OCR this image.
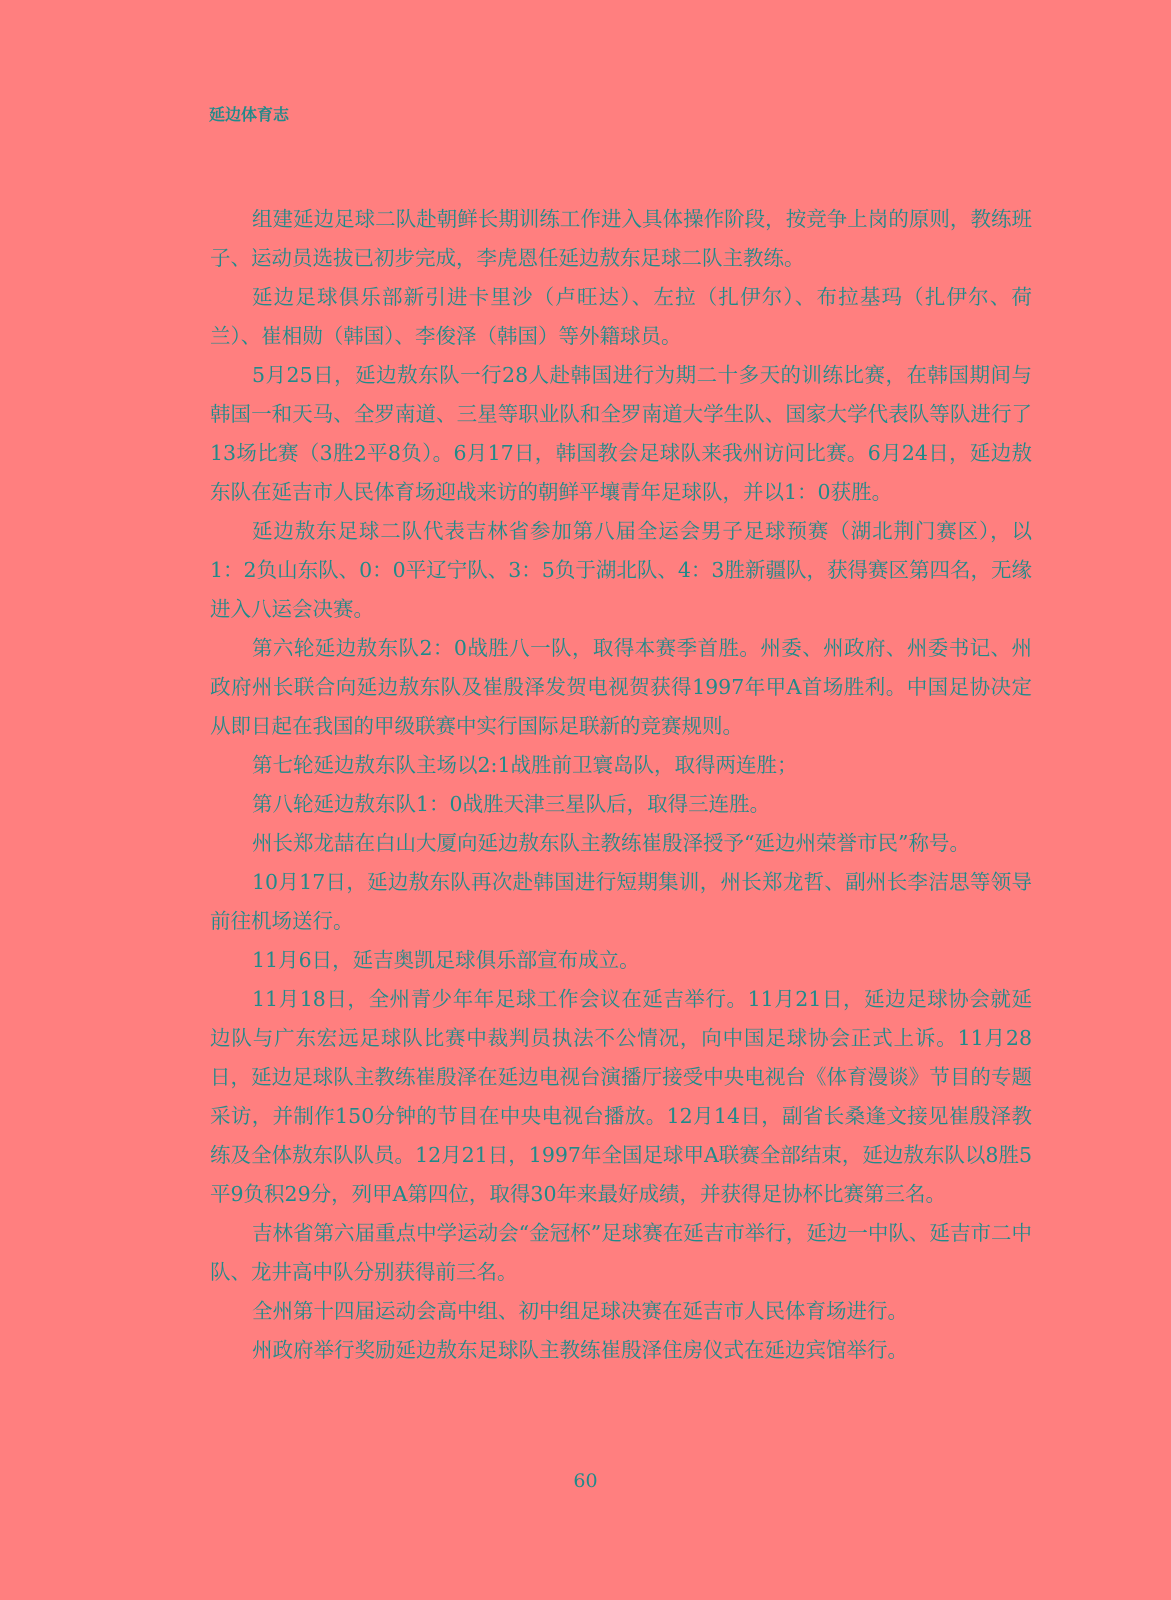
延边体育志

组建延边足球二队赴朝鲜长期训练工作进入具体操作阶段，按竞争上岗的原则，教练班子、运动员选拔已初步完成，李虎恩任延边敖东足球二队主教练。

延边足球俱乐部新引进卡里沙（卢旺达）、左拉（扎伊尔）、布拉基玛（扎伊尔、荷兰）、崔相勋（韩国）、李俊泽（韩国）等外籍球员。

5月25日，延边敖东队一行28人赴韩国进行为期二十多天的训练比赛，在韩国期间与韩国一和天马、全罗南道、三星等职业队和全罗南道大学生队、国家大学代表队等队进行了13场比赛（3胜2平8负）。6月17日，韩国教会足球队来我州访问比赛。6月24日，延边敖东队在延吉市人民体育场迎战来访的朝鲜平壤青年足球队，并以1：0获胜。

延边敖东足球二队代表吉林省参加第八届全运会男子足球预赛（湖北荆门赛区），以1：2负山东队、0：0平辽宁队、3：5负于湖北队、4：3胜新疆队，获得赛区第四名，无缘进入八运会决赛。

第六轮延边敖东队2：0战胜八一队，取得本赛季首胜。州委、州政府、州委书记、州政府州长联合向延边敖东队及崔殷泽发贺电视贺获得1997年甲A首场胜利。中国足协决定从即日起在我国的甲级联赛中实行国际足联新的竞赛规则。

第七轮延边敖东队主场以2:1战胜前卫寰岛队，取得两连胜；

第八轮延边敖东队1：0战胜天津三星队后，取得三连胜。

州长郑龙喆在白山大厦向延边敖东队主教练崔殷泽授予“延边州荣誉市民”称号。

10月17日，延边敖东队再次赴韩国进行短期集训，州长郑龙哲、副州长李洁思等领导前往机场送行。

11月6日，延吉奥凯足球俱乐部宣布成立。

11月18日，全州青少年年足球工作会议在延吉举行。11月21日，延边足球协会就延边队与广东宏远足球队比赛中裁判员执法不公情况，向中国足球协会正式上诉。11月28日，延边足球队主教练崔殷泽在延边电视台演播厅接受中央电视台《体育漫谈》节目的专题采访，并制作150分钟的节目在中央电视台播放。12月14日，副省长桑逢文接见崔殷泽教练及全体敖东队队员。12月21日，1997年全国足球甲A联赛全部结束，延边敖东队以8胜5平9负积29分，列甲A第四位，取得30年来最好成绩，并获得足协杯比赛第三名。

吉林省第六届重点中学运动会“金冠杯”足球赛在延吉市举行，延边一中队、延吉市二中队、龙井高中队分别获得前三名。

全州第十四届运动会高中组、初中组足球决赛在延吉市人民体育场进行。

州政府举行奖励延边敖东足球队主教练崔殷泽住房仪式在延边宾馆举行。

60
